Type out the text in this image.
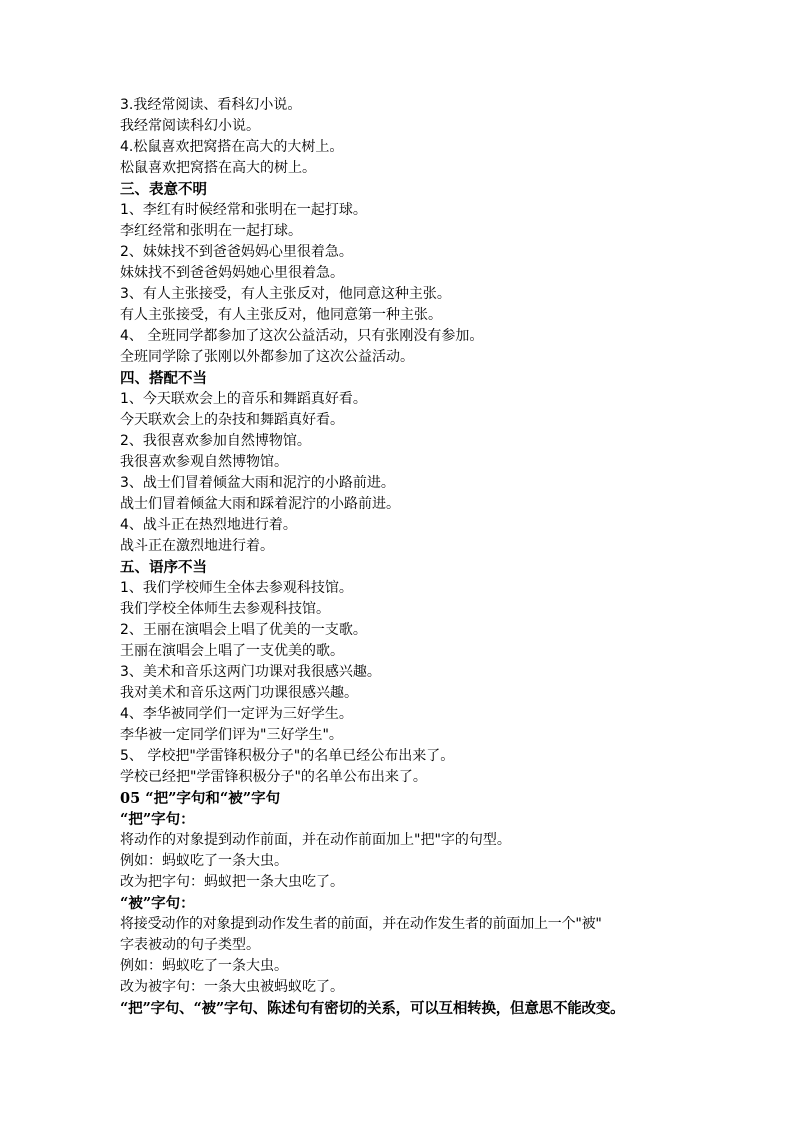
3.我经常阅读、看科幻小说。
我经常阅读科幻小说。
4.松鼠喜欢把窝搭在高大的大树上。
松鼠喜欢把窝搭在高大的树上。
三、表意不明
1、李红有时候经常和张明在一起打球。
李红经常和张明在一起打球。
2、妹妹找不到爸爸妈妈心里很着急。
妹妹找不到爸爸妈妈她心里很着急。
3、有人主张接受，有人主张反对，他同意这种主张。
有人主张接受，有人主张反对，他同意第一种主张。
4、 全班同学都参加了这次公益活动，只有张刚没有参加。
全班同学除了张刚以外都参加了这次公益活动。
四、搭配不当
1、今天联欢会上的音乐和舞蹈真好看。
今天联欢会上的杂技和舞蹈真好看。
2、我很喜欢参加自然博物馆。
我很喜欢参观自然博物馆。
3、战士们冒着倾盆大雨和泥泞的小路前进。
战士们冒着倾盆大雨和踩着泥泞的小路前进。
4、战斗正在热烈地进行着。
战斗正在激烈地进行着。
五、语序不当
1、我们学校师生全体去参观科技馆。
我们学校全体师生去参观科技馆。
2、王丽在演唱会上唱了优美的一支歌。
王丽在演唱会上唱了一支优美的歌。
3、美术和音乐这两门功课对我很感兴趣。
我对美术和音乐这两门功课很感兴趣。
4、李华被同学们一定评为三好学生。
李华被一定同学们评为"三好学生"。
5、 学校把"学雷锋积极分子"的名单已经公布出来了。
学校已经把"学雷锋积极分子"的名单公布出来了。
05 “把”字句和“被”字句
“把”字句：
将动作的对象提到动作前面，并在动作前面加上"把"字的句型。
例如：蚂蚁吃了一条大虫。
改为把字句：蚂蚁把一条大虫吃了。
“被”字句：
将接受动作的对象提到动作发生者的前面，并在动作发生者的前面加上一个"被"
字表被动的句子类型。
例如：蚂蚁吃了一条大虫。
改为被字句：一条大虫被蚂蚁吃了。
“把”字句、“被”字句、陈述句有密切的关系，可以互相转换，但意思不能改变。
